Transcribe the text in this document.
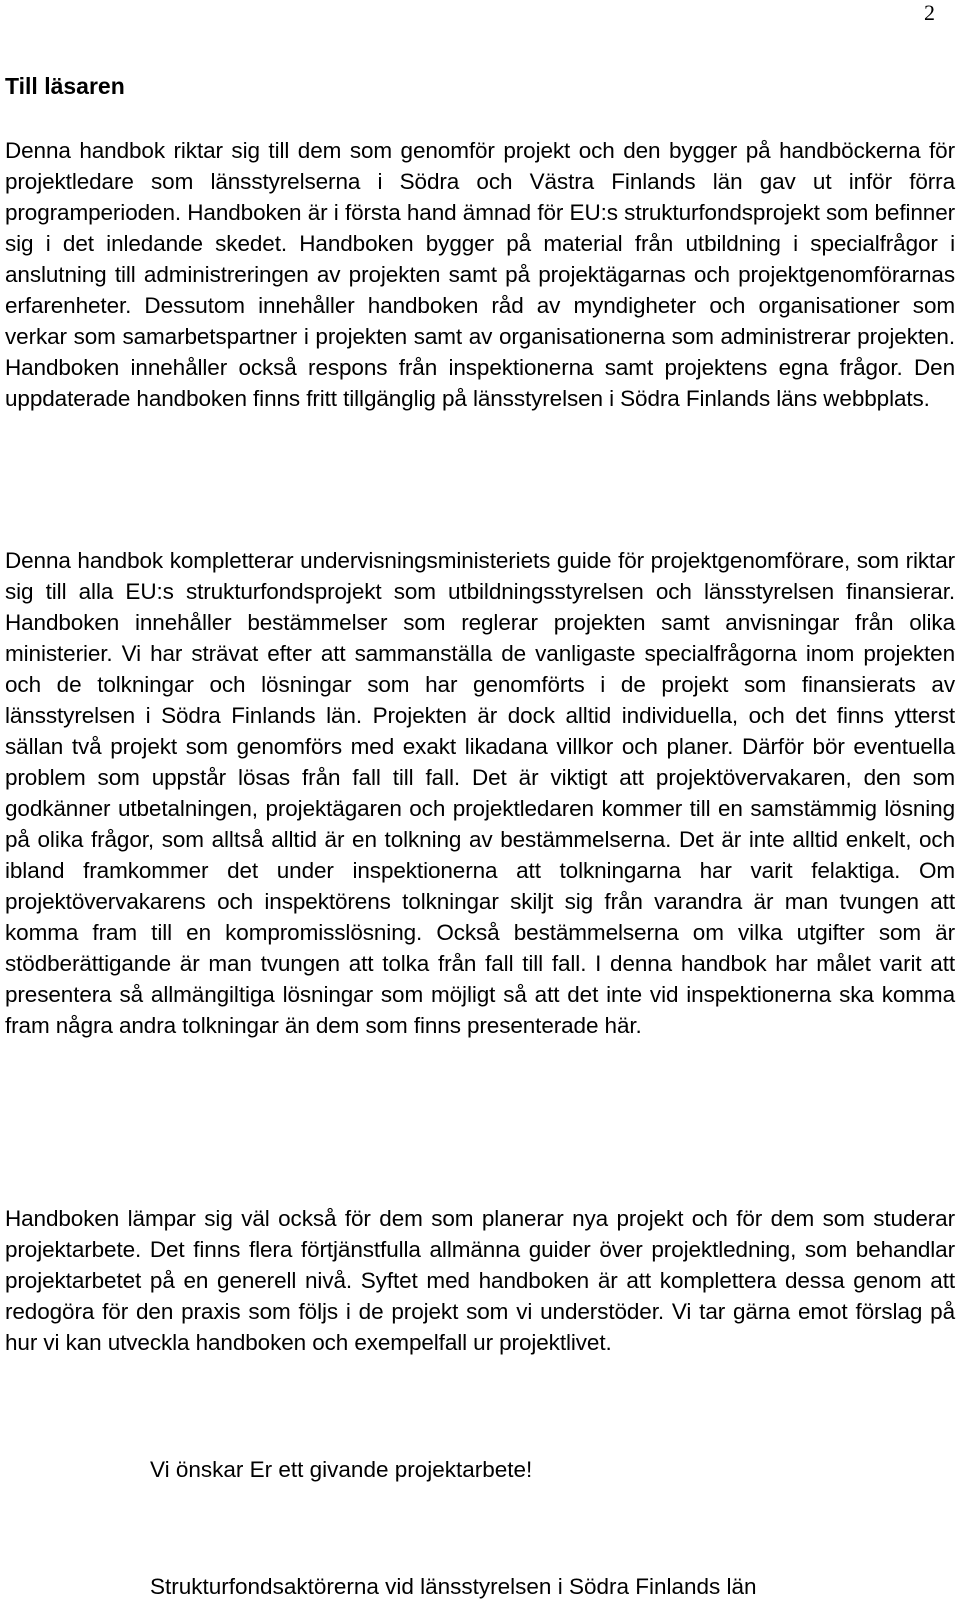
2
Till läsaren

Denna handbok riktar sig till dem som genomför projekt och den bygger på handböckerna för projektledare som länsstyrelserna i Södra och Västra Finlands län gav ut inför förra programperioden. Handboken är i första hand ämnad för EU:s strukturfondsprojekt som befinner sig i det inledande skedet. Handboken bygger på material från utbildning i specialfrågor i anslutning till administreringen av projekten samt på projektägarnas och projektgenomförarnas erfarenheter. Dessutom innehåller handboken råd av myndigheter och organisationer som verkar som samarbetspartner i projekten samt av organisationerna som administrerar projekten. Handboken innehåller också respons från inspektionerna samt projektens egna frågor. Den uppdaterade handboken finns fritt tillgänglig på länsstyrelsen i Södra Finlands läns webbplats.

Denna handbok kompletterar undervisningsministeriets guide för projektgenomförare, som riktar sig till alla EU:s strukturfondsprojekt som utbildningsstyrelsen och länsstyrelsen finansierar. Handboken innehåller bestämmelser som reglerar projekten samt anvisningar från olika ministerier. Vi har strävat efter att sammanställa de vanligaste specialfrågorna inom projekten och de tolkningar och lösningar som har genomförts i de projekt som finansierats av länsstyrelsen i Södra Finlands län. Projekten är dock alltid individuella, och det finns ytterst sällan två projekt som genomförs med exakt likadana villkor och planer. Därför bör eventuella problem som uppstår lösas från fall till fall. Det är viktigt att projektövervakaren, den som godkänner utbetalningen, projektägaren och projektledaren kommer till en samstämmig lösning på olika frågor, som alltså alltid är en tolkning av bestämmelserna. Det är inte alltid enkelt, och ibland framkommer det under inspektionerna att tolkningarna har varit felaktiga. Om projektövervakarens och inspektörens tolkningar skiljt sig från varandra är man tvungen att komma fram till en kompromisslösning. Också bestämmelserna om vilka utgifter som är stödberättigande är man tvungen att tolka från fall till fall. I denna handbok har målet varit att presentera så allmängiltiga lösningar som möjligt så att det inte vid inspektionerna ska komma fram några andra tolkningar än dem som finns presenterade här.

Handboken lämpar sig väl också för dem som planerar nya projekt och för dem som studerar projektarbete. Det finns flera förtjänstfulla allmänna guider över projektledning, som behandlar projektarbetet på en generell nivå. Syftet med handboken är att komplettera dessa genom att redogöra för den praxis som följs i de projekt som vi understöder. Vi tar gärna emot förslag på hur vi kan utveckla handboken och exempelfall ur projektlivet.

Vi önskar Er ett givande projektarbete!

Strukturfondsaktörerna vid länsstyrelsen i Södra Finlands län
